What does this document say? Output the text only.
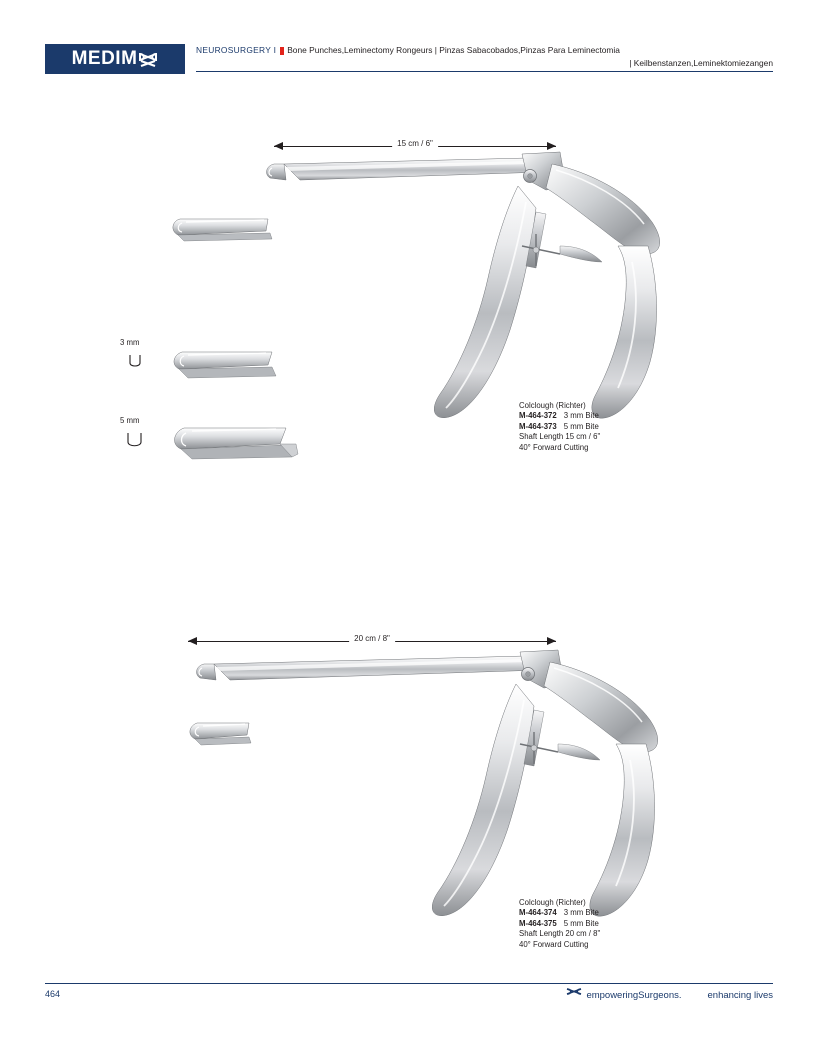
MEDIM	NEUROSURGERY I Bone Punches,Leminectomy Rongeurs | Pinzas Sabacobados,Pinzas Para Leminectomia
| Keilbenstanzen,Leminektomiezangen
15 cm / 6"
3 mm
5 mm
Colclough (Richter)
M-464-372 3 mm Bite
M-464-373 5 mm Bite
Shaft Length 15 cm / 6"
40° Forward Cutting
20 cm / 8"
Colclough (Richter)
M-464-374 3 mm Bite
M-464-375 5 mm Bite
Shaft Length 20 cm / 8"
40° Forward Cutting
464	empoweringSurgeons.	enhancing lives
